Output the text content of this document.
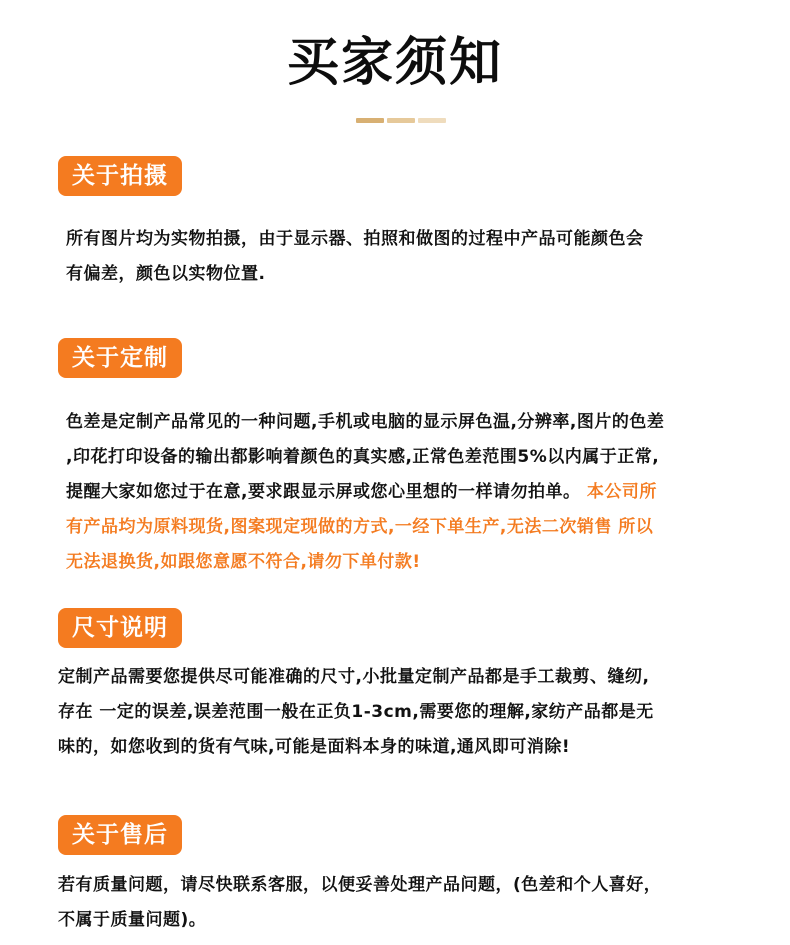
买家须知
关于拍摄
所有图片均为实物拍摄，由于显示器、拍照和做图的过程中产品可能颜色会
有偏差，颜色以实物位置.
关于定制
色差是定制产品常见的一种问题,手机或电脑的显示屏色温,分辨率,图片的色差
,印花打印设备的输出都影响着颜色的真实感,正常色差范围5%以内属于正常,
提醒大家如您过于在意,要求跟显示屏或您心里想的一样请勿拍单。 本公司所
有产品均为原料现货,图案现定现做的方式,一经下单生产,无法二次销售 所以
无法退换货,如跟您意愿不符合,请勿下单付款!
尺寸说明
定制产品需要您提供尽可能准确的尺寸,小批量定制产品都是手工裁剪、缝纫,
存在 一定的误差,误差范围一般在正负1-3cm,需要您的理解,家纺产品都是无
味的，如您收到的货有气味,可能是面料本身的味道,通风即可消除!
关于售后
若有质量问题，请尽快联系客服，以便妥善处理产品问题，(色差和个人喜好，
不属于质量问题)。
